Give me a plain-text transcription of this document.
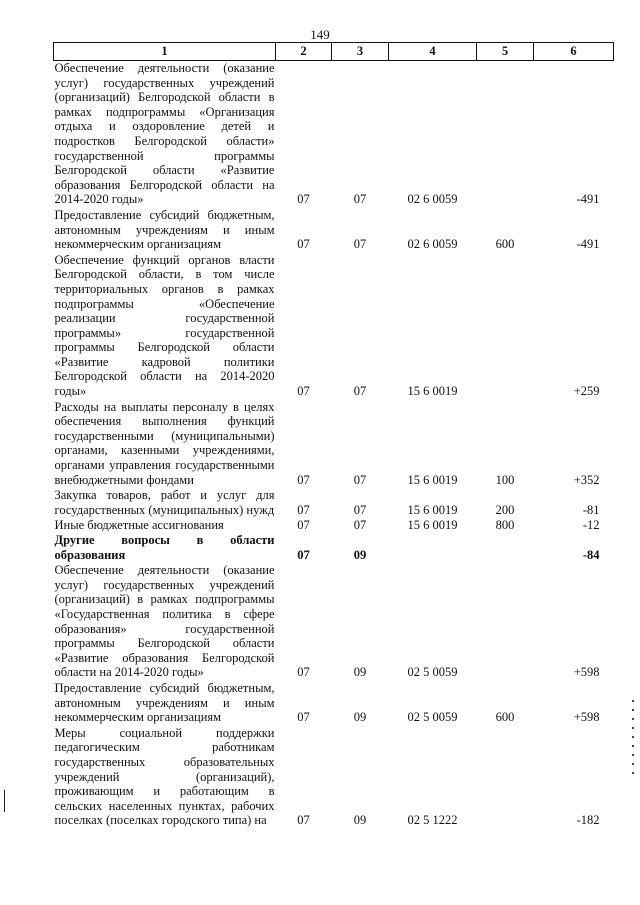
149
1	2	3	4	5	6
Обеспечение деятельности (оказание услуг) государственных учреждений (организаций) Белгородской области в рамках подпрограммы «Организация отдыха и оздоровление детей и подростков Белгородской области» государственной программы Белгородской области «Развитие образования Белгородской области на 2014-2020 годы»	07	07	02 6 0059		-491
Предоставление субсидий бюджетным, автономным учреждениям и иным некоммерческим организациям	07	07	02 6 0059	600	-491
Обеспечение функций органов власти Белгородской области, в том числе территориальных органов в рамках подпрограммы «Обеспечение реализации государственной программы» государственной программы Белгородской области «Развитие кадровой политики Белгородской области на 2014-2020 годы»	07	07	15 6 0019		+259
Расходы на выплаты персоналу в целях обеспечения выполнения функций государственными (муниципальными) органами, казенными учреждениями, органами управления государственными внебюджетными фондами	07	07	15 6 0019	100	+352
Закупка товаров, работ и услуг для государственных (муниципальных) нужд	07	07	15 6 0019	200	-81
Иные бюджетные ассигнования	07	07	15 6 0019	800	-12
Другие вопросы в области образования	07	09			-84
Обеспечение деятельности (оказание услуг) государственных учреждений (организаций) в рамках подпрограммы «Государственная политика в сфере образования» государственной программы Белгородской области «Развитие образования Белгородской области на 2014-2020 годы»	07	09	02 5 0059		+598
Предоставление субсидий бюджетным, автономным учреждениям и иным некоммерческим организациям	07	09	02 5 0059	600	+598
Меры социальной поддержки педагогическим работникам государственных образовательных учреждений (организаций), проживающим и работающим в сельских населенных пунктах, рабочих поселках (поселках городского типа) на	07	09	02 5 1222		-182
